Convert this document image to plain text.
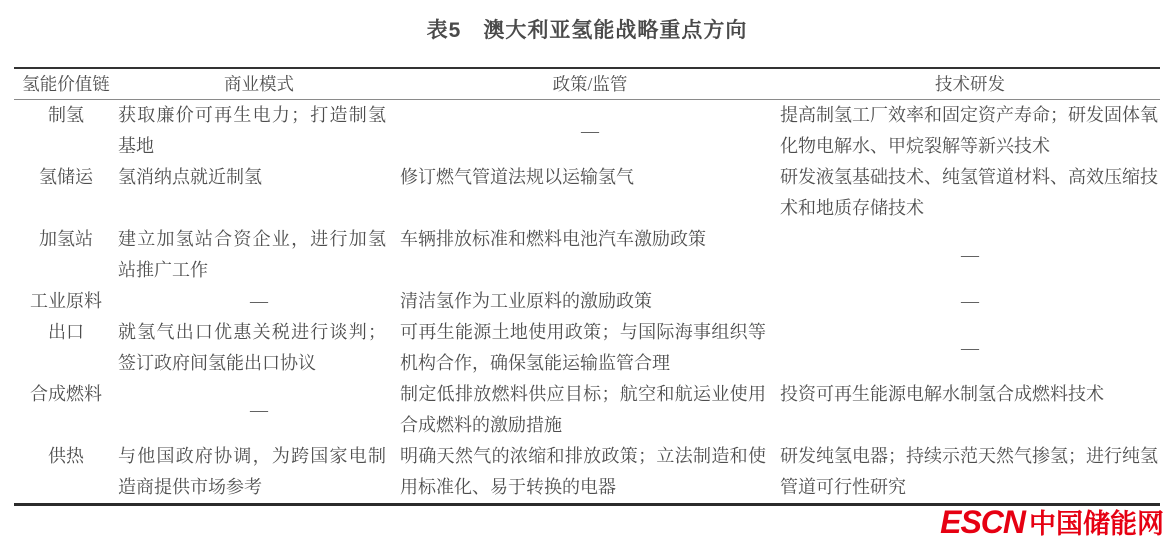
表5　澳大利亚氢能战略重点方向
氢能价值链	商业模式	政策/监管	技术研发
制氢	获取廉价可再生电力；打造制氢基地	—	提高制氢工厂效率和固定资产寿命；研发固体氧化物电解水、甲烷裂解等新兴技术
氢储运	氢消纳点就近制氢	修订燃气管道法规以运输氢气	研发液氢基础技术、纯氢管道材料、高效压缩技术和地质存储技术
加氢站	建立加氢站合资企业，进行加氢站推广工作	车辆排放标准和燃料电池汽车激励政策	—
工业原料	—	清洁氢作为工业原料的激励政策	—
出口	就氢气出口优惠关税进行谈判；签订政府间氢能出口协议	可再生能源土地使用政策；与国际海事组织等机构合作，确保氢能运输监管合理	—
合成燃料	—	制定低排放燃料供应目标；航空和航运业使用合成燃料的激励措施	投资可再生能源电解水制氢合成燃料技术
供热	与他国政府协调，为跨国家电制造商提供市场参考	明确天然气的浓缩和排放政策；立法制造和使用标准化、易于转换的电器	研发纯氢电器；持续示范天然气掺氢；进行纯氢管道可行性研究
ESCN 中国储能网
